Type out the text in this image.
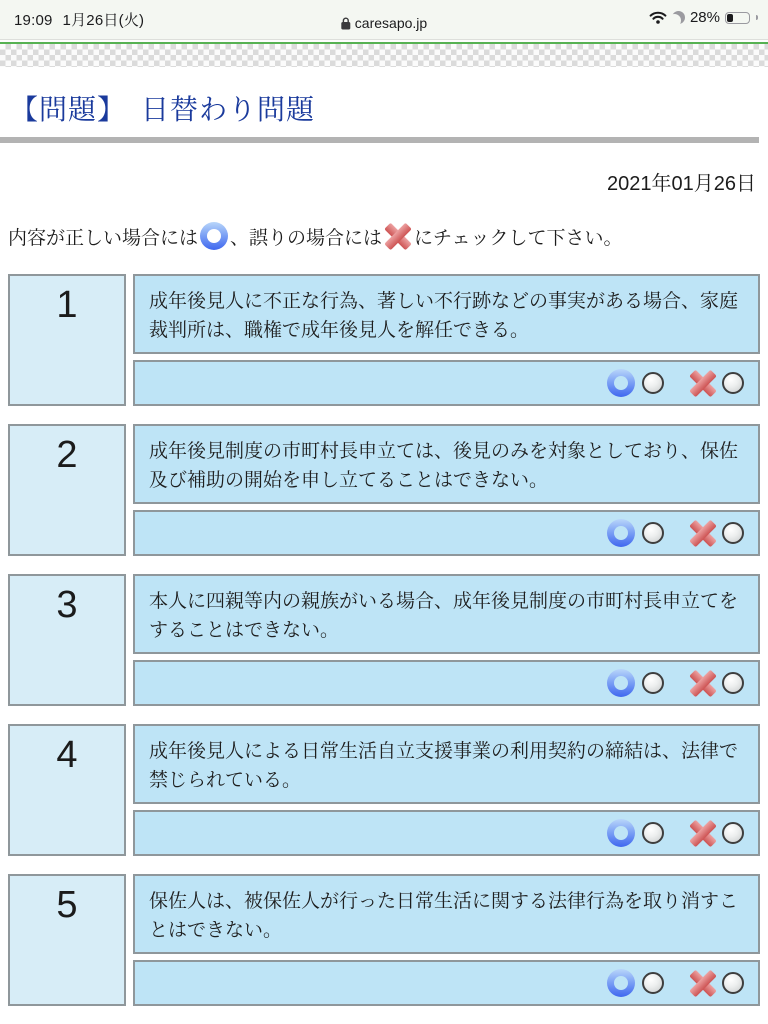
19:09 1月26日(火)	caresapo.jp	28%
【問題】　日替わり問題
2021年01月26日

内容が正しい場合には 、誤りの場合には にチェックして下さい。

1	成年後見人に不正な行為、著しい不行跡などの事実がある場合、家庭裁判所は、職権で成年後見人を解任できる。
2	成年後見制度の市町村長申立ては、後見のみを対象としており、保佐及び補助の開始を申し立てることはできない。
3	本人に四親等内の親族がいる場合、成年後見制度の市町村長申立てをすることはできない。
4	成年後見人による日常生活自立支援事業の利用契約の締結は、法律で禁じられている。
5	保佐人は、被保佐人が行った日常生活に関する法律行為を取り消すことはできない。
